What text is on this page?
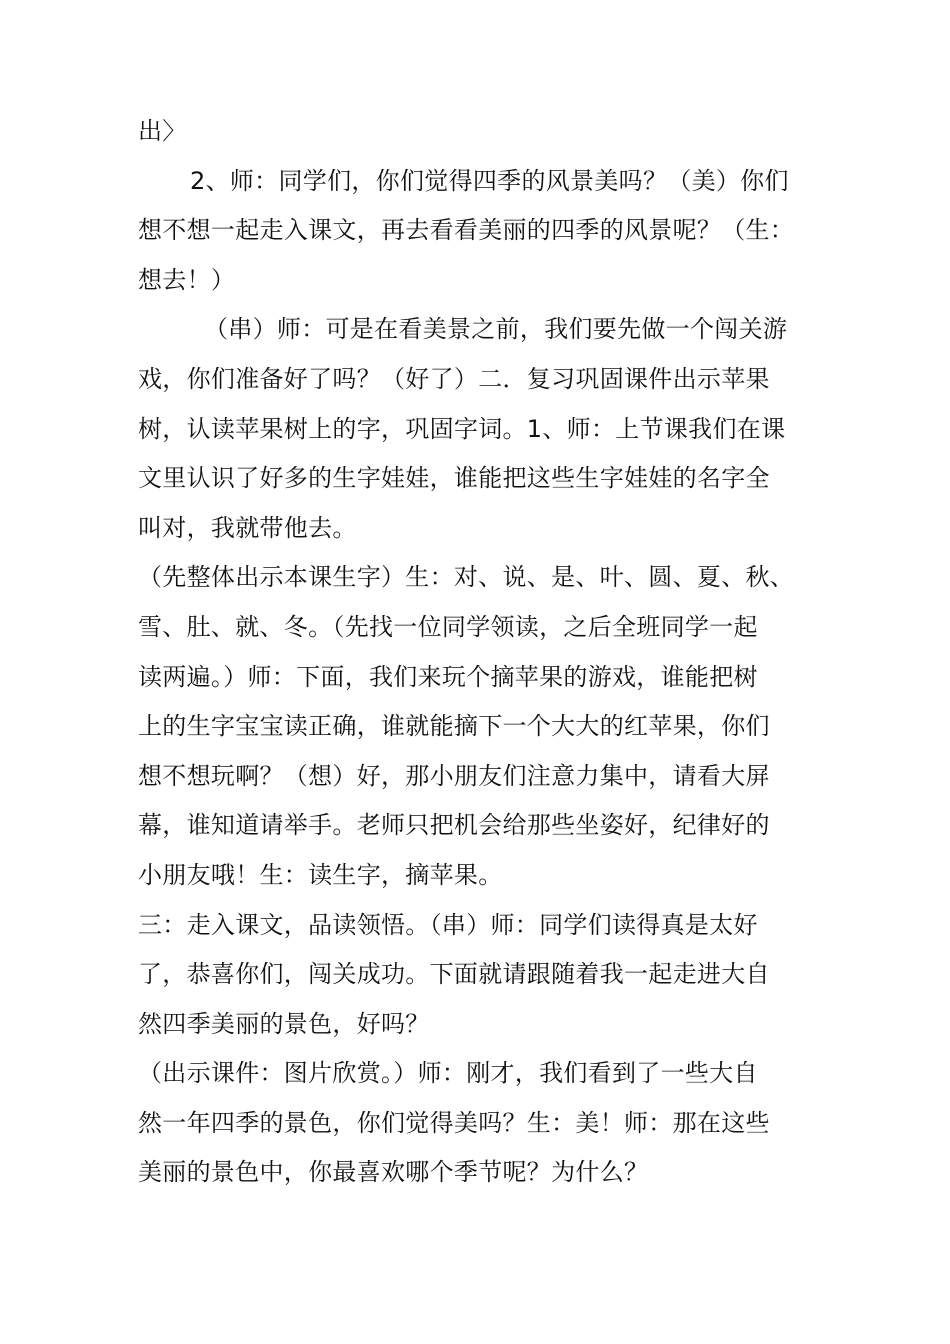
出〉
2、师：同学们，你们觉得四季的风景美吗？（美）你们
想不想一起走入课文，再去看看美丽的四季的风景呢？（生：
想去！）
（串）师：可是在看美景之前，我们要先做一个闯关游
戏，你们准备好了吗？（好了）二．复习巩固课件出示苹果
树，认读苹果树上的字，巩固字词。1、师：上节课我们在课
文里认识了好多的生字娃娃，谁能把这些生字娃娃的名字全
叫对，我就带他去。
（先整体出示本课生字）生：对、说、是、叶、圆、夏、秋、
雪、肚、就、冬。（先找一位同学领读，之后全班同学一起
读两遍。）师：下面，我们来玩个摘苹果的游戏，谁能把树
上的生字宝宝读正确，谁就能摘下一个大大的红苹果，你们
想不想玩啊？（想）好，那小朋友们注意力集中，请看大屏
幕，谁知道请举手。老师只把机会给那些坐姿好，纪律好的
小朋友哦！生：读生字，摘苹果。
三：走入课文，品读领悟。（串）师：同学们读得真是太好
了，恭喜你们，闯关成功。下面就请跟随着我一起走进大自
然四季美丽的景色，好吗？
（出示课件：图片欣赏。）师：刚才，我们看到了一些大自
然一年四季的景色，你们觉得美吗？生：美！师：那在这些
美丽的景色中，你最喜欢哪个季节呢？为什么？
